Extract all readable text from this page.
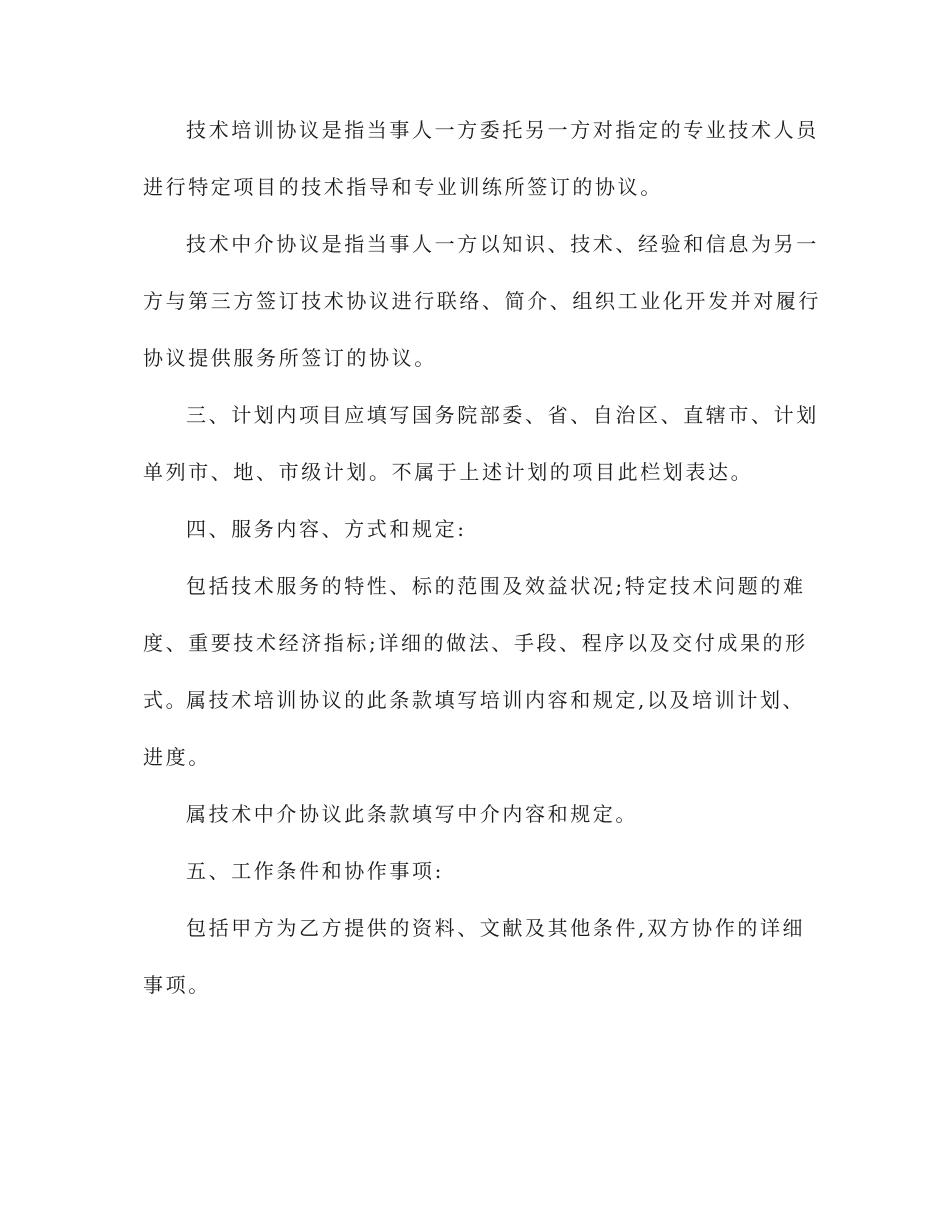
技术培训协议是指当事人一方委托另一方对指定的专业技术人员进行特定项目的技术指导和专业训练所签订的协议。

技术中介协议是指当事人一方以知识、技术、经验和信息为另一方与第三方签订技术协议进行联络、简介、组织工业化开发并对履行协议提供服务所签订的协议。

三、计划内项目应填写国务院部委、省、自治区、直辖市、计划单列市、地、市级计划。不属于上述计划的项目此栏划表达。

四、服务内容、方式和规定:

包括技术服务的特性、标的范围及效益状况;特定技术问题的难度、重要技术经济指标;详细的做法、手段、程序以及交付成果的形式。

属技术培训协议的此条款填写培训内容和规定,以及培训计划、进度。

属技术中介协议此条款填写中介内容和规定。

五、工作条件和协作事项:

包括甲方为乙方提供的资料、文献及其他条件,双方协作的详细事项。
